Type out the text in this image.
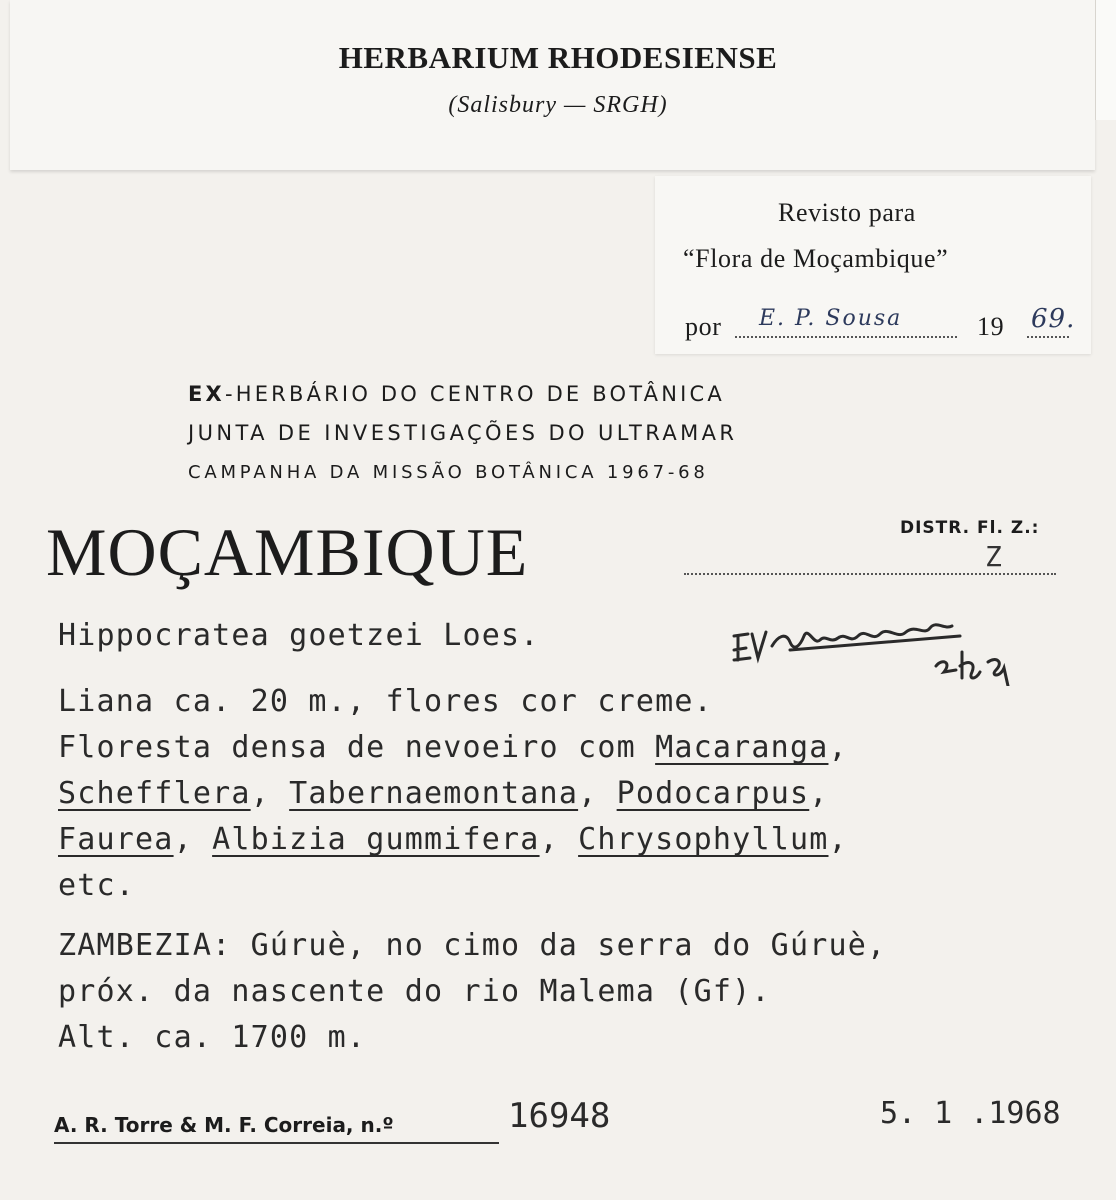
HERBARIUM RHODESIENSE
(Salisbury — SRGH)
Revisto para
“Flora de Moçambique”
por E. P. Sousa	19 69.
EX-HERBÁRIO DO CENTRO DE BOTÂNICA
JUNTA DE INVESTIGAÇÕES DO ULTRAMAR
CAMPANHA DA MISSÃO BOTÂNICA 1967-68
MOÇAMBIQUE	DISTR. Fl. Z.:
Z
Hippocratea goetzei Loes.
Liana ca. 20 m., flores cor creme.
Floresta densa de nevoeiro com Macaranga,
Schefflera, Tabernaemontana, Podocarpus,
Faurea, Albizia gummifera, Chrysophyllum,
etc.
ZAMBEZIA: Gúruè, no cimo da serra do Gúruè,
próx. da nascente do rio Malema (Gf).
Alt. ca. 1700 m.
A. R. Torre & M. F. Correia, n.º	16948	5. 1 .1968
